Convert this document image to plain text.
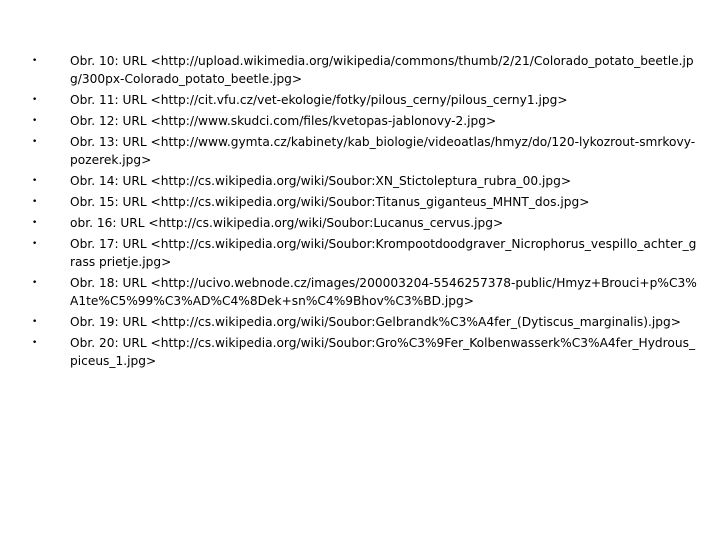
•	Obr. 10: URL <http://upload.wikimedia.org/wikipedia/commons/thumb/2/21/Colorado_potato_beetle.jpg/300px-Colorado_potato_beetle.jpg>
•	Obr. 11: URL <http://cit.vfu.cz/vet-ekologie/fotky/pilous_cerny/pilous_cerny1.jpg>
•	Obr. 12: URL <http://www.skudci.com/files/kvetopas-jablonovy-2.jpg>
•	Obr. 13: URL <http://www.gymta.cz/kabinety/kab_biologie/videoatlas/hmyz/do/120-lykozrout-smrkovy-pozerek.jpg>
•	Obr. 14: URL <http://cs.wikipedia.org/wiki/Soubor:XN_Stictoleptura_rubra_00.jpg>
•	Obr. 15: URL <http://cs.wikipedia.org/wiki/Soubor:Titanus_giganteus_MHNT_dos.jpg>
•	obr. 16: URL <http://cs.wikipedia.org/wiki/Soubor:Lucanus_cervus.jpg>
•	Obr. 17: URL <http://cs.wikipedia.org/wiki/Soubor:Krompootdoodgraver_Nicrophorus_vespillo_achter_grass prietje.jpg>
•	Obr. 18: URL <http://ucivo.webnode.cz/images/200003204-5546257378-public/Hmyz+Brouci+p%C3%A1te%C5%99%C3%AD%C4%8Dek+sn%C4%9Bhov%C3%BD.jpg>
•	Obr. 19: URL <http://cs.wikipedia.org/wiki/Soubor:Gelbrandk%C3%A4fer_(Dytiscus_marginalis).jpg>
•	Obr. 20: URL <http://cs.wikipedia.org/wiki/Soubor:Gro%C3%9Fer_Kolbenwasserk%C3%A4fer_Hydrous_piceus_1.jpg>
